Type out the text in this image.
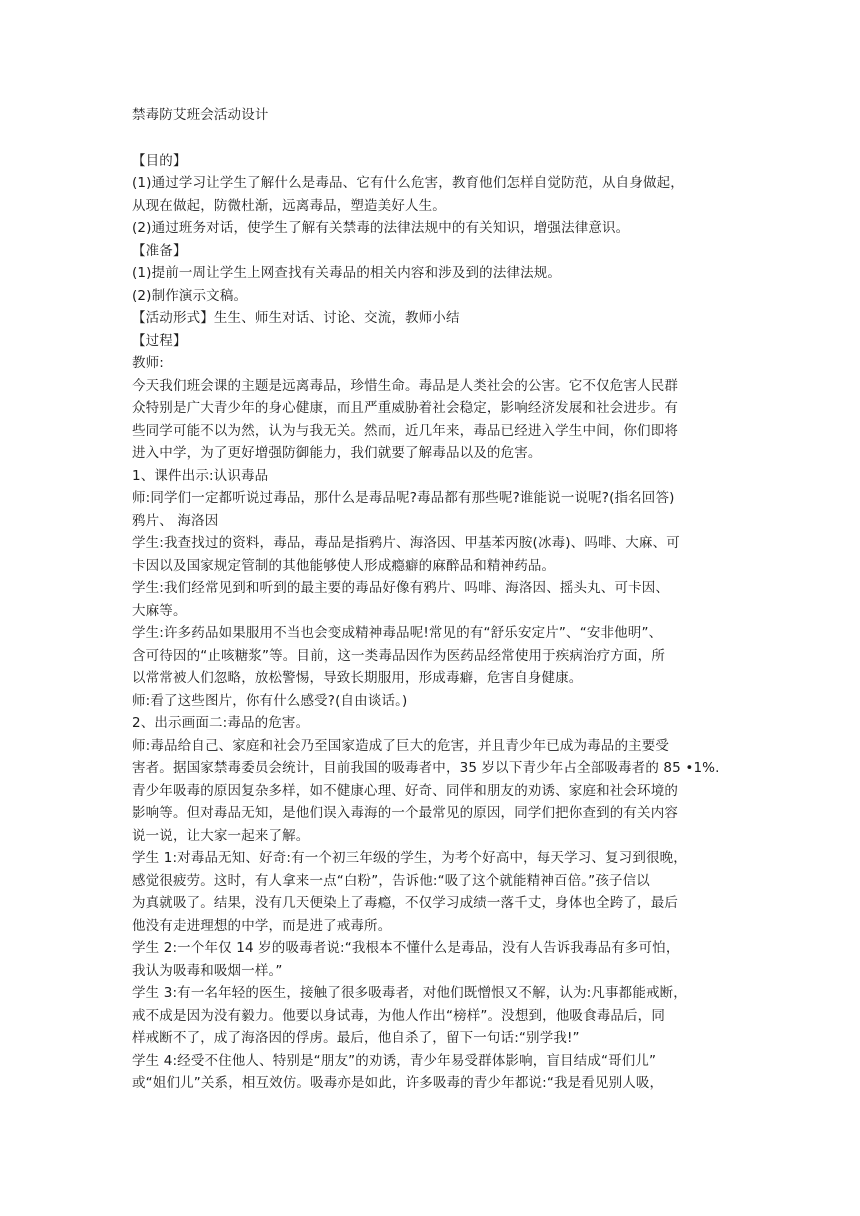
禁毒防艾班会活动设计
【目的】
(1)通过学习让学生了解什么是毒品、它有什么危害，教育他们怎样自觉防范，从自身做起，
从现在做起，防微杜渐，远离毒品，塑造美好人生。
(2)通过班务对话，使学生了解有关禁毒的法律法规中的有关知识，增强法律意识。
【准备】
(1)提前一周让学生上网查找有关毒品的相关内容和涉及到的法律法规。
(2)制作演示文稿。
【活动形式】生生、师生对话、讨论、交流，教师小结
【过程】
教师:
今天我们班会课的主题是远离毒品，珍惜生命。毒品是人类社会的公害。它不仅危害人民群
众特别是广大青少年的身心健康，而且严重威胁着社会稳定，影响经济发展和社会进步。有
些同学可能不以为然，认为与我无关。然而，近几年来，毒品已经进入学生中间，你们即将
进入中学，为了更好增强防御能力，我们就要了解毒品以及的危害。
1、课件出示:认识毒品
师:同学们一定都听说过毒品，那什么是毒品呢?毒品都有那些呢?谁能说一说呢?(指名回答)
鸦片、 海洛因
学生:我查找过的资料，毒品，毒品是指鸦片、海洛因、甲基苯丙胺(冰毒)、吗啡、大麻、可
卡因以及国家规定管制的其他能够使人形成瘾癖的麻醉品和精神药品。
学生:我们经常见到和听到的最主要的毒品好像有鸦片、吗啡、海洛因、摇头丸、可卡因、
大麻等。
学生:许多药品如果服用不当也会变成精神毒品呢!常见的有“舒乐安定片”、“安非他明”、
含可待因的“止咳糖浆”等。目前，这一类毒品因作为医药品经常使用于疾病治疗方面，所
以常常被人们忽略，放松警惕，导致长期服用，形成毒癖，危害自身健康。
师:看了这些图片，你有什么感受?(自由谈话。)
2、出示画面二:毒品的危害。
师:毒品给自己、家庭和社会乃至国家造成了巨大的危害，并且青少年已成为毒品的主要受
害者。据国家禁毒委员会统计，目前我国的吸毒者中，35 岁以下青少年占全部吸毒者的 85 •1%.
青少年吸毒的原因复杂多样，如不健康心理、好奇、同伴和朋友的劝诱、家庭和社会环境的
影响等。但对毒品无知，是他们误入毒海的一个最常见的原因，同学们把你查到的有关内容
说一说，让大家一起来了解。
学生 1:对毒品无知、好奇:有一个初三年级的学生，为考个好高中，每天学习、复习到很晚，
感觉很疲劳。这时，有人拿来一点“白粉”，告诉他:“吸了这个就能精神百倍。”孩子信以
为真就吸了。结果，没有几天便染上了毒瘾，不仅学习成绩一落千丈，身体也全跨了，最后
他没有走进理想的中学，而是进了戒毒所。
学生 2:一个年仅 14 岁的吸毒者说:“我根本不懂什么是毒品，没有人告诉我毒品有多可怕，
我认为吸毒和吸烟一样。”
学生 3:有一名年轻的医生，接触了很多吸毒者，对他们既憎恨又不解，认为:凡事都能戒断，
戒不成是因为没有毅力。他要以身试毒，为他人作出“榜样”。没想到，他吸食毒品后，同
样戒断不了，成了海洛因的俘虏。最后，他自杀了，留下一句话:“别学我!”
学生 4:经受不住他人、特别是“朋友”的劝诱，青少年易受群体影响，盲目结成“哥们儿”
或“姐们儿”关系，相互效仿。吸毒亦是如此，许多吸毒的青少年都说:“我是看见别人吸，
